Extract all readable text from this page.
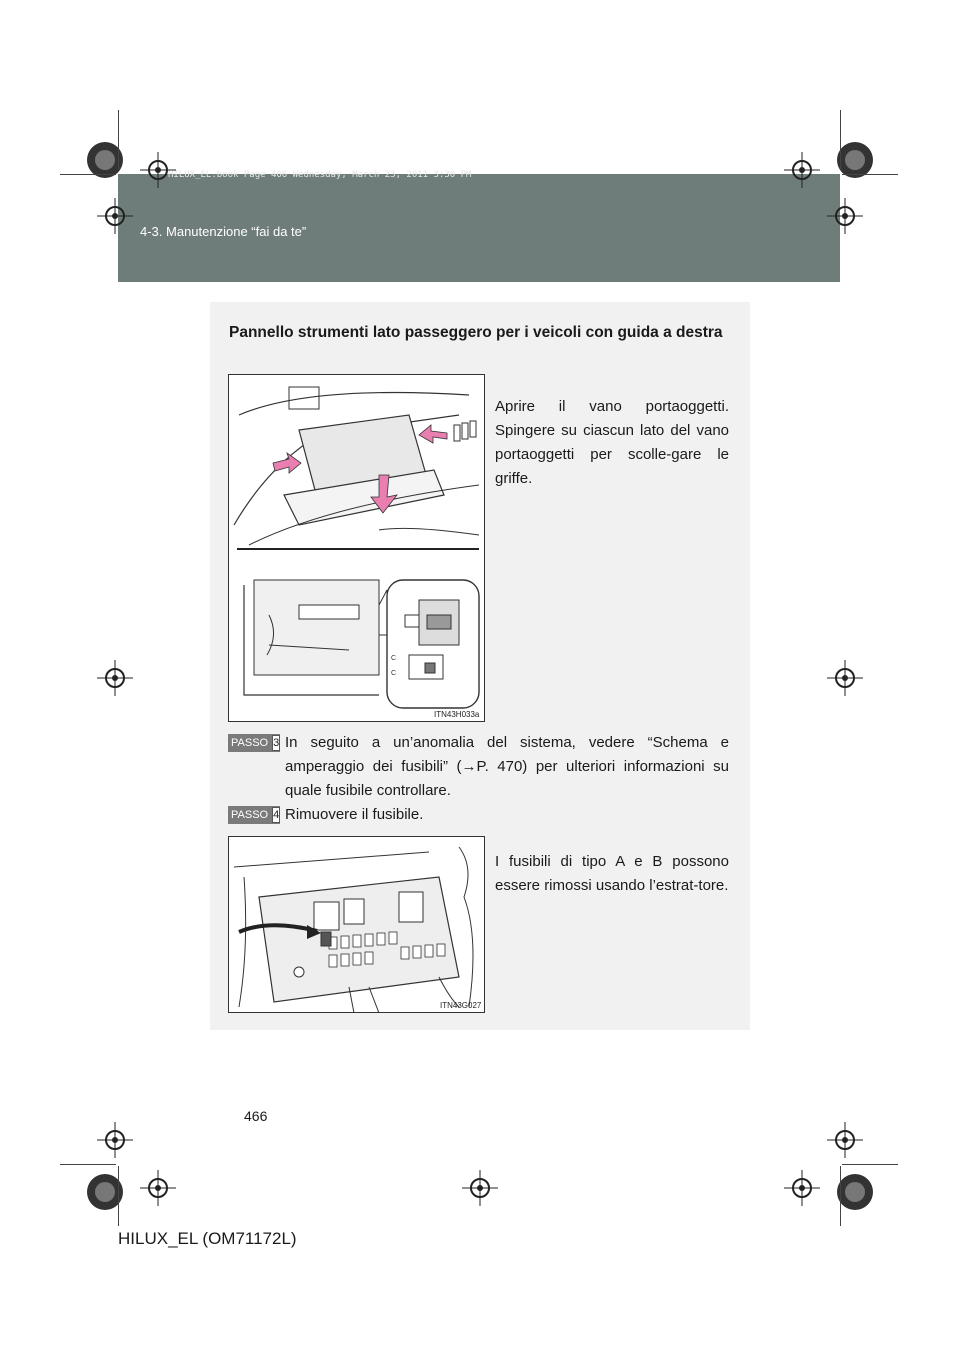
HILUX_EL.book Page 466 Wednesday, March 23, 2011 3:30 PM
4-3. Manutenzione “fai da te”
Pannello strumenti lato passeggero per i veicoli con guida a destra
C
C
ITN43H033a
Aprire il vano portaoggetti. Spingere su ciascun lato del vano portaoggetti per scolle-gare le griffe.
PASSO 3 In seguito a un’anomalia del sistema, vedere “Schema e amperaggio dei fusibili” (→P. 470) per ulteriori informazioni su quale fusibile controllare.
PASSO 4 Rimuovere il fusibile.
ITN43G027
I fusibili di tipo A e B possono essere rimossi usando l’estrat-tore.
466
HILUX_EL (OM71172L)
